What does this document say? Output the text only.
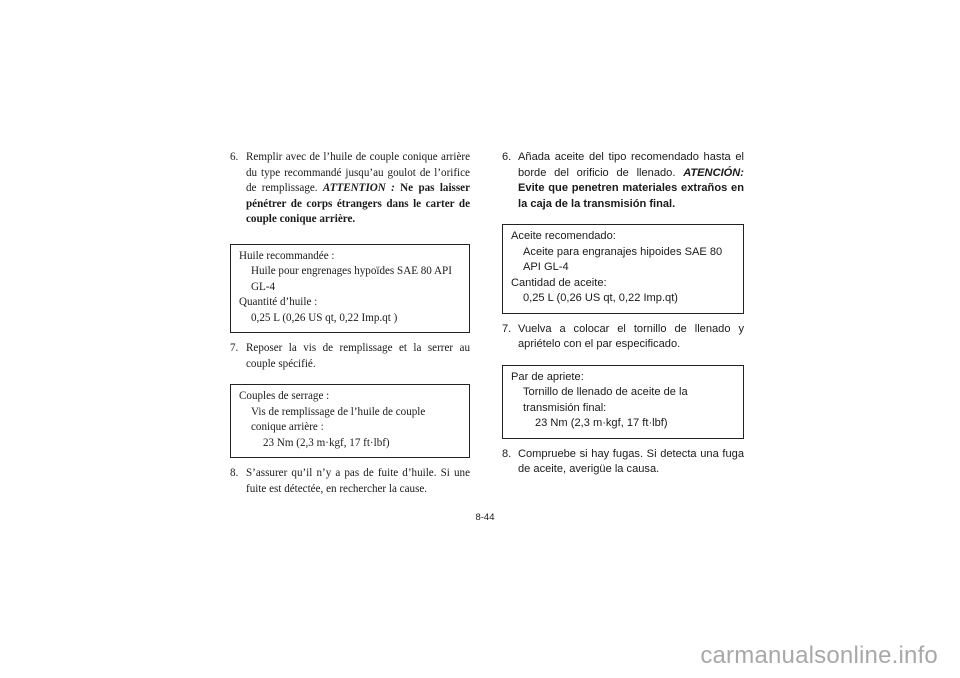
6. Remplir avec de l’huile de couple conique arrière du type recommandé jusqu’au goulot de l’orifice de remplissage. ATTENTION : Ne pas laisser pénétrer de corps étrangers dans le carter de couple conique arrière.

Huile recommandée :
Huile pour engrenages hypoïdes SAE 80 API GL-4
Quantité d’huile :
0,25 L (0,26 US qt, 0,22 Imp.qt )

7. Reposer la vis de remplissage et la serrer au couple spécifié.

Couples de serrage :
Vis de remplissage de l’huile de couple conique arrière :
23 Nm (2,3 m·kgf, 17 ft·lbf)

8. S’assurer qu’il n’y a pas de fuite d’huile. Si une fuite est détectée, en rechercher la cause.

6. Añada aceite del tipo recomendado hasta el borde del orificio de llenado. ATENCIÓN: Evite que penetren materiales extraños en la caja de la transmisión final.

Aceite recomendado:
Aceite para engranajes hipoides SAE 80 API GL-4
Cantidad de aceite:
0,25 L (0,26 US qt, 0,22 Imp.qt)

7. Vuelva a colocar el tornillo de llenado y apriételo con el par especificado.

Par de apriete:
Tornillo de llenado de aceite de la transmisión final:
23 Nm (2,3 m·kgf, 17 ft·lbf)

8. Compruebe si hay fugas. Si detecta una fuga de aceite, averigüe la causa.

8-44
carmanualsonline.info
